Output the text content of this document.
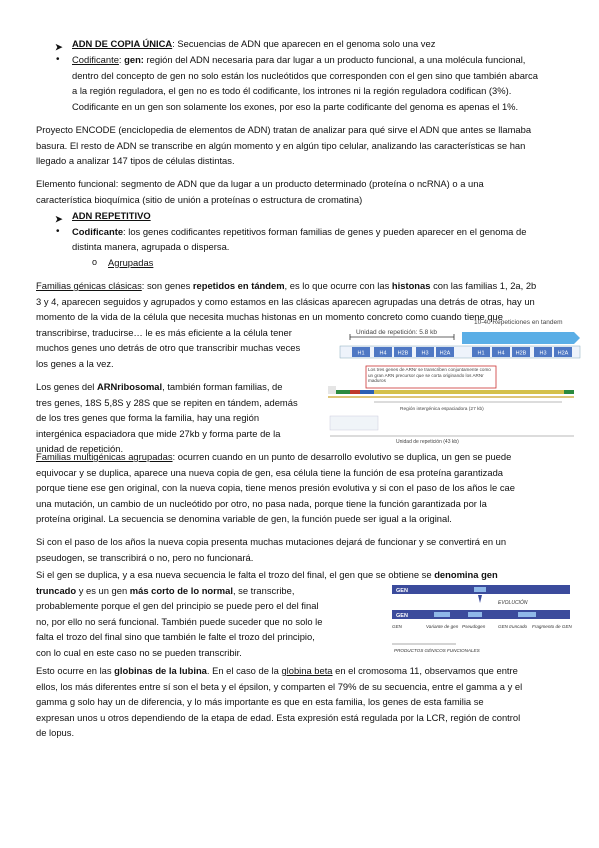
➤ ADN DE COPIA ÚNICA: Secuencias de ADN que aparecen en el genoma solo una vez
• Codificante: gen: región del ADN necesaria para dar lugar a un producto funcional, a una molécula funcional,
dentro del concepto de gen no solo están los nucleótidos que corresponden con el gen sino que también abarca
a la región reguladora, el gen no es todo él codificante, los intrones ni la región reguladora codifican (3%).
Codificante en un gen son solamente los exones, por eso la parte codificante del genoma es apenas el 1%.
Proyecto ENCODE (enciclopedia de elementos de ADN) tratan de analizar para qué sirve el ADN que antes se llamaba
basura. El resto de ADN se transcribe en algún momento y en algún tipo celular, analizando las características se han
llegado a analizar 147 tipos de células distintas.
Elemento funcional: segmento de ADN que da lugar a un producto determinado (proteína o ncRNA) o a una
característica bioquímica (sitio de unión a proteínas o estructura de cromatina)
➤ ADN REPETITIVO
• Codificante: los genes codificantes repetitivos forman familias de genes y pueden aparecer en el genoma de
distinta manera, agrupada o dispersa.
o Agrupadas
Familias génicas clásicas: son genes repetidos en tándem, es lo que ocurre con las histonas con las familias 1, 2a, 2b
3 y 4, aparecen seguidos y agrupados y como estamos en las clásicas aparecen agrupadas una detrás de otras, hay un
momento de la vida de la célula que necesita muchas histonas en un momento concreto como cuando tiene que
transcribirse, traducirse… le es más eficiente a la célula tener
muchos genes uno detrás de otro que transcribir muchas veces
los genes a la vez.
Unidad de repetición: 5.8 kb
10-40 Repeticiones en tandem
H1	H4 H2B H3 H2A	H1 H4 H2B H3 H2A
Los genes del ARNribosomal, también forman familias, de
tres genes, 18S 5,8S y 28S que se repiten en tándem, además
de los tres genes que forma la familia, hay una región
intergénica espaciadora que mide 27kb y forma parte de la
unidad de repetición.
Los tres genes de ARNr se transcriben conjuntamente como un gran ARN precursor que se corta originando los ARNr maduros
Región intergénica espaciadora (27 kb)
Unidad de repetición (43 kb)
Familias multigénicas agrupadas: ocurren cuando en un punto de desarrollo evolutivo se duplica, un gen se puede
equivocar y se duplica, aparece una nueva copia de gen, esa célula tiene la función de esa proteína garantizada
porque tiene ese gen original, con la nueva copia, tiene menos presión evolutiva y si con el paso de los años le cae
una mutación, un cambio de un nucleótido por otro, no pasa nada, porque tiene la función garantizada por la
proteína original. La secuencia se denomina variable de gen, la función puede ser igual a la original.
Si con el paso de los años la nueva copia presenta muchas mutaciones dejará de funcionar y se convertirá en un
pseudogen, se transcribirá o no, pero no funcionará.
Si el gen se duplica, y a esa nueva secuencia le falta el trozo del final, el gen que se obtiene se denomina gen
truncado y es un gen más corto de lo normal, se transcribe,
probablemente porque el gen del principio se puede pero el del final
no, por ello no será funcional. También puede suceder que no solo le
falta el trozo del final sino que también le falte el trozo del principio,
con lo cual en este caso no se pueden transcribir.
GEN
EVOLUCIÓN
GEN
GEN	Variante de gen Pseudogen	GEN truncado Fragmento de GEN
PRODUCTOS GÉNICOS FUNCIONALES
Esto ocurre en las globinas de la lubina. En el caso de la globina beta en el cromosoma 11, observamos que entre
ellos, los más diferentes entre sí son el beta y el épsilon, y comparten el 79% de su secuencia, entre el gamma a y el
gamma g solo hay un de diferencia, y lo más importante es que en esta familia, los genes de esta familia se
expresan unos u otros dependiendo de la etapa de edad. Esta expresión está regulada por la LCR, región de control
de lopus.
